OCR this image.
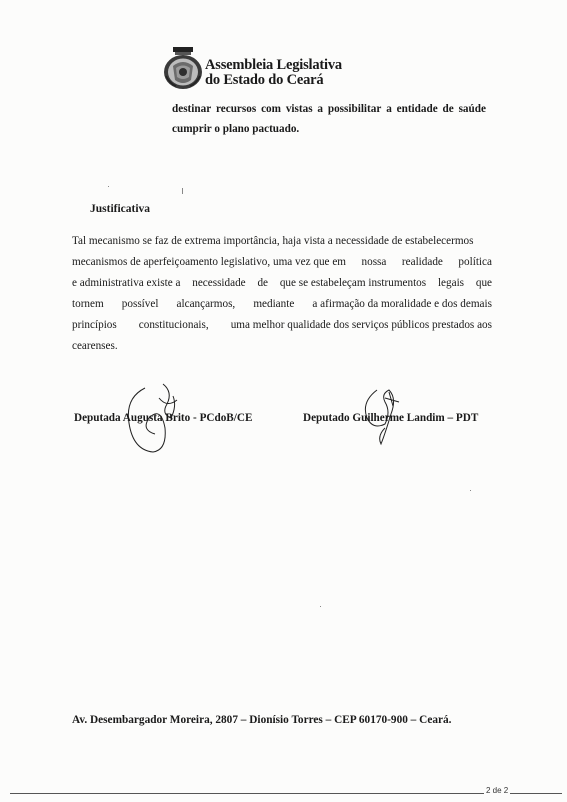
Assembleia Legislativa
do Estado do Ceará

destinar recursos com vistas a possibilitar a entidade de saúde

cumprir o plano pactuado.

Justificativa

Tal mecanismo se faz de extrema importância, haja vista a necessidade de estabelecermos

mecanismos de aperfeiçoamento legislativo, uma vez que em nossa realidade política

e administrativa existe a necessidade de que se estabeleçam instrumentos legais que

tornem possível alcançarmos, mediante a afirmação da moralidade e dos demais

princípios constitucionais, uma melhor qualidade dos serviços públicos prestados aos

cearenses.

Deputada Augusta Brito - PCdoB/CE	Deputado Guilherme Landim – PDT
Av. Desembargador Moreira, 2807 – Dionísio Torres – CEP 60170-900 – Ceará.
2 de 2
